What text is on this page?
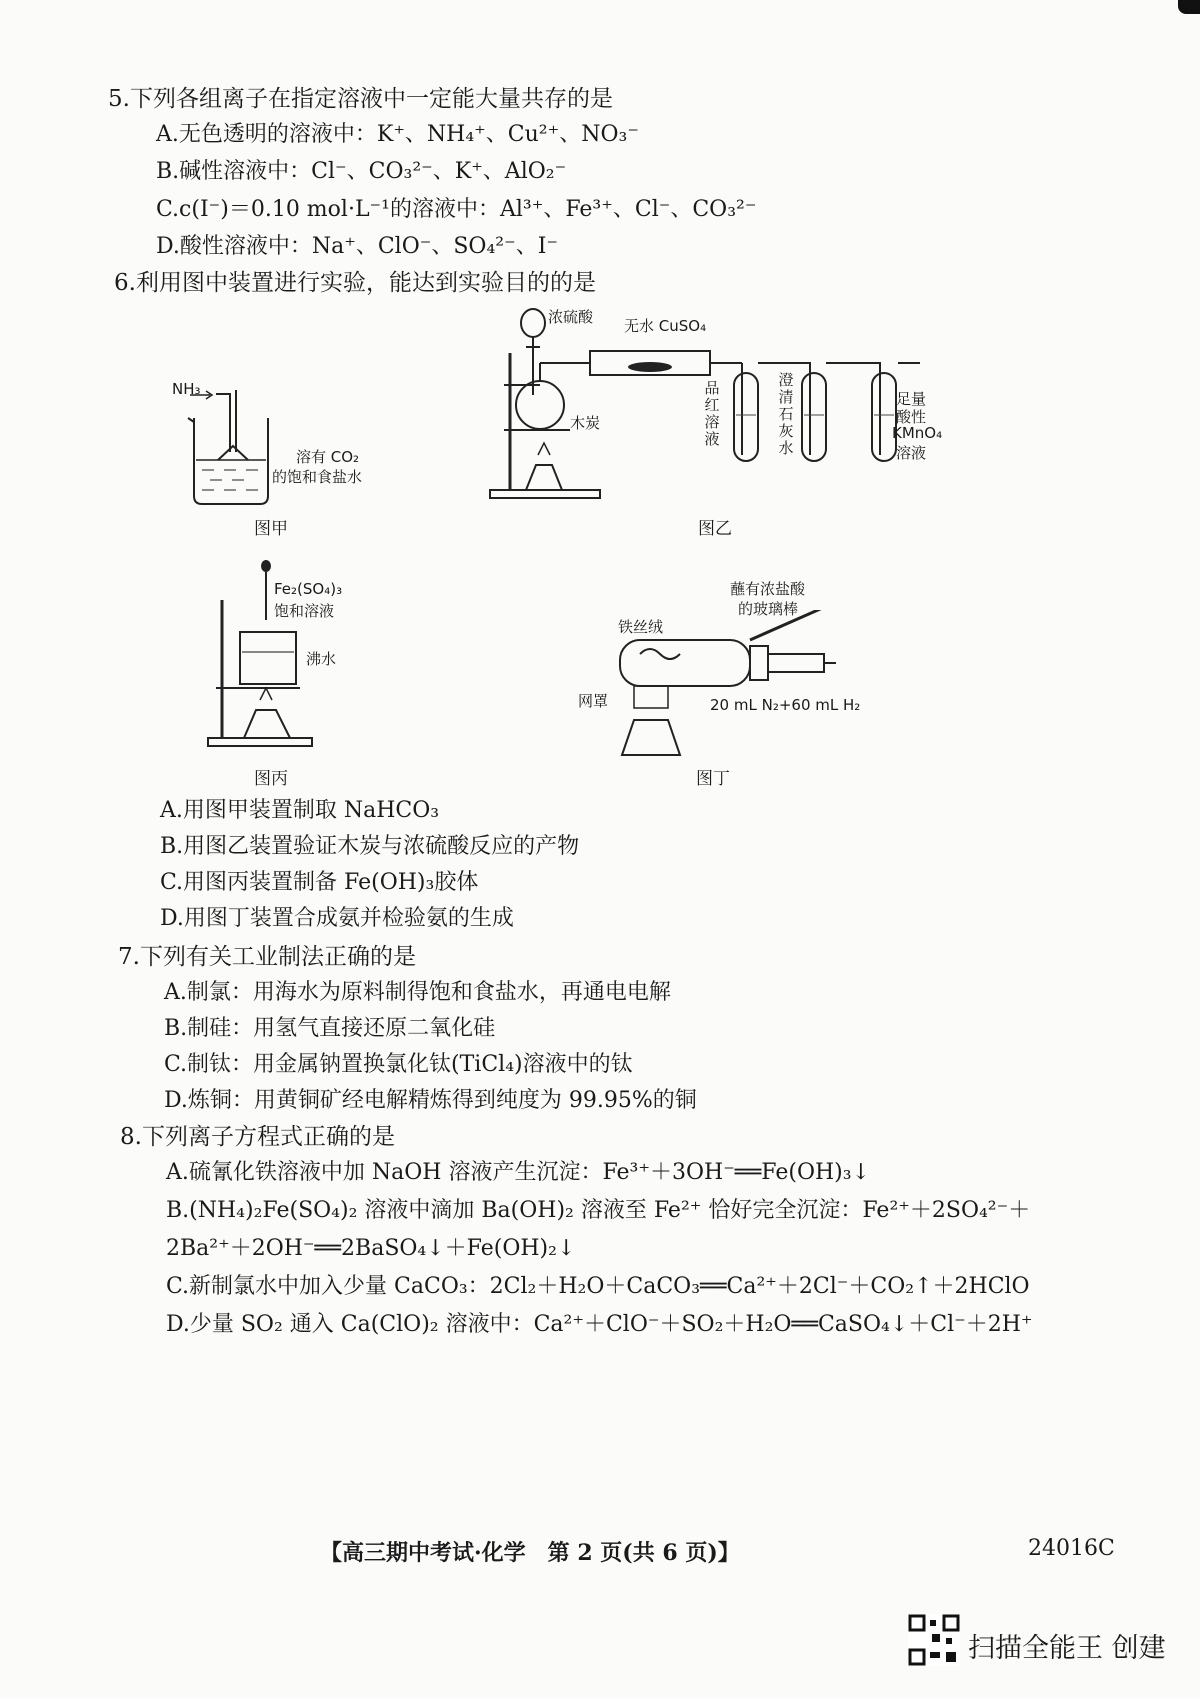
5.下列各组离子在指定溶液中一定能大量共存的是
A.无色透明的溶液中：K⁺、NH₄⁺、Cu²⁺、NO₃⁻
B.碱性溶液中：Cl⁻、CO₃²⁻、K⁺、AlO₂⁻
C.c(I⁻)＝0.10 mol·L⁻¹的溶液中：Al³⁺、Fe³⁺、Cl⁻、CO₃²⁻
D.酸性溶液中：Na⁺、ClO⁻、SO₄²⁻、I⁻
6.利用图中装置进行实验，能达到实验目的的是
NH₃
溶有 CO₂
的饱和食盐水
图甲
浓硫酸 无水 CuSO₄
木炭
品红溶液
澄清石灰水
足量
酸性
KMnO₄
溶液
图乙
Fe₂(SO₄)₃
饱和溶液
沸水
图丙
蘸有浓盐酸
的玻璃棒
铁丝绒
网罩	20 mL N₂+60 mL H₂
图丁
A.用图甲装置制取 NaHCO₃
B.用图乙装置验证木炭与浓硫酸反应的产物
C.用图丙装置制备 Fe(OH)₃胶体
D.用图丁装置合成氨并检验氨的生成
7.下列有关工业制法正确的是
A.制氯：用海水为原料制得饱和食盐水，再通电电解
B.制硅：用氢气直接还原二氧化硅
C.制钛：用金属钠置换氯化钛(TiCl₄)溶液中的钛
D.炼铜：用黄铜矿经电解精炼得到纯度为 99.95%的铜
8.下列离子方程式正确的是
A.硫氰化铁溶液中加 NaOH 溶液产生沉淀：Fe³⁺＋3OH⁻══Fe(OH)₃↓
B.(NH₄)₂Fe(SO₄)₂ 溶液中滴加 Ba(OH)₂ 溶液至 Fe²⁺ 恰好完全沉淀：Fe²⁺＋2SO₄²⁻＋
2Ba²⁺＋2OH⁻══2BaSO₄↓＋Fe(OH)₂↓
C.新制氯水中加入少量 CaCO₃：2Cl₂＋H₂O＋CaCO₃══Ca²⁺＋2Cl⁻＋CO₂↑＋2HClO
D.少量 SO₂ 通入 Ca(ClO)₂ 溶液中：Ca²⁺＋ClO⁻＋SO₂＋H₂O══CaSO₄↓＋Cl⁻＋2H⁺
【高三期中考试·化学　第 2 页(共 6 页)】	24016C
扫描全能王 创建
